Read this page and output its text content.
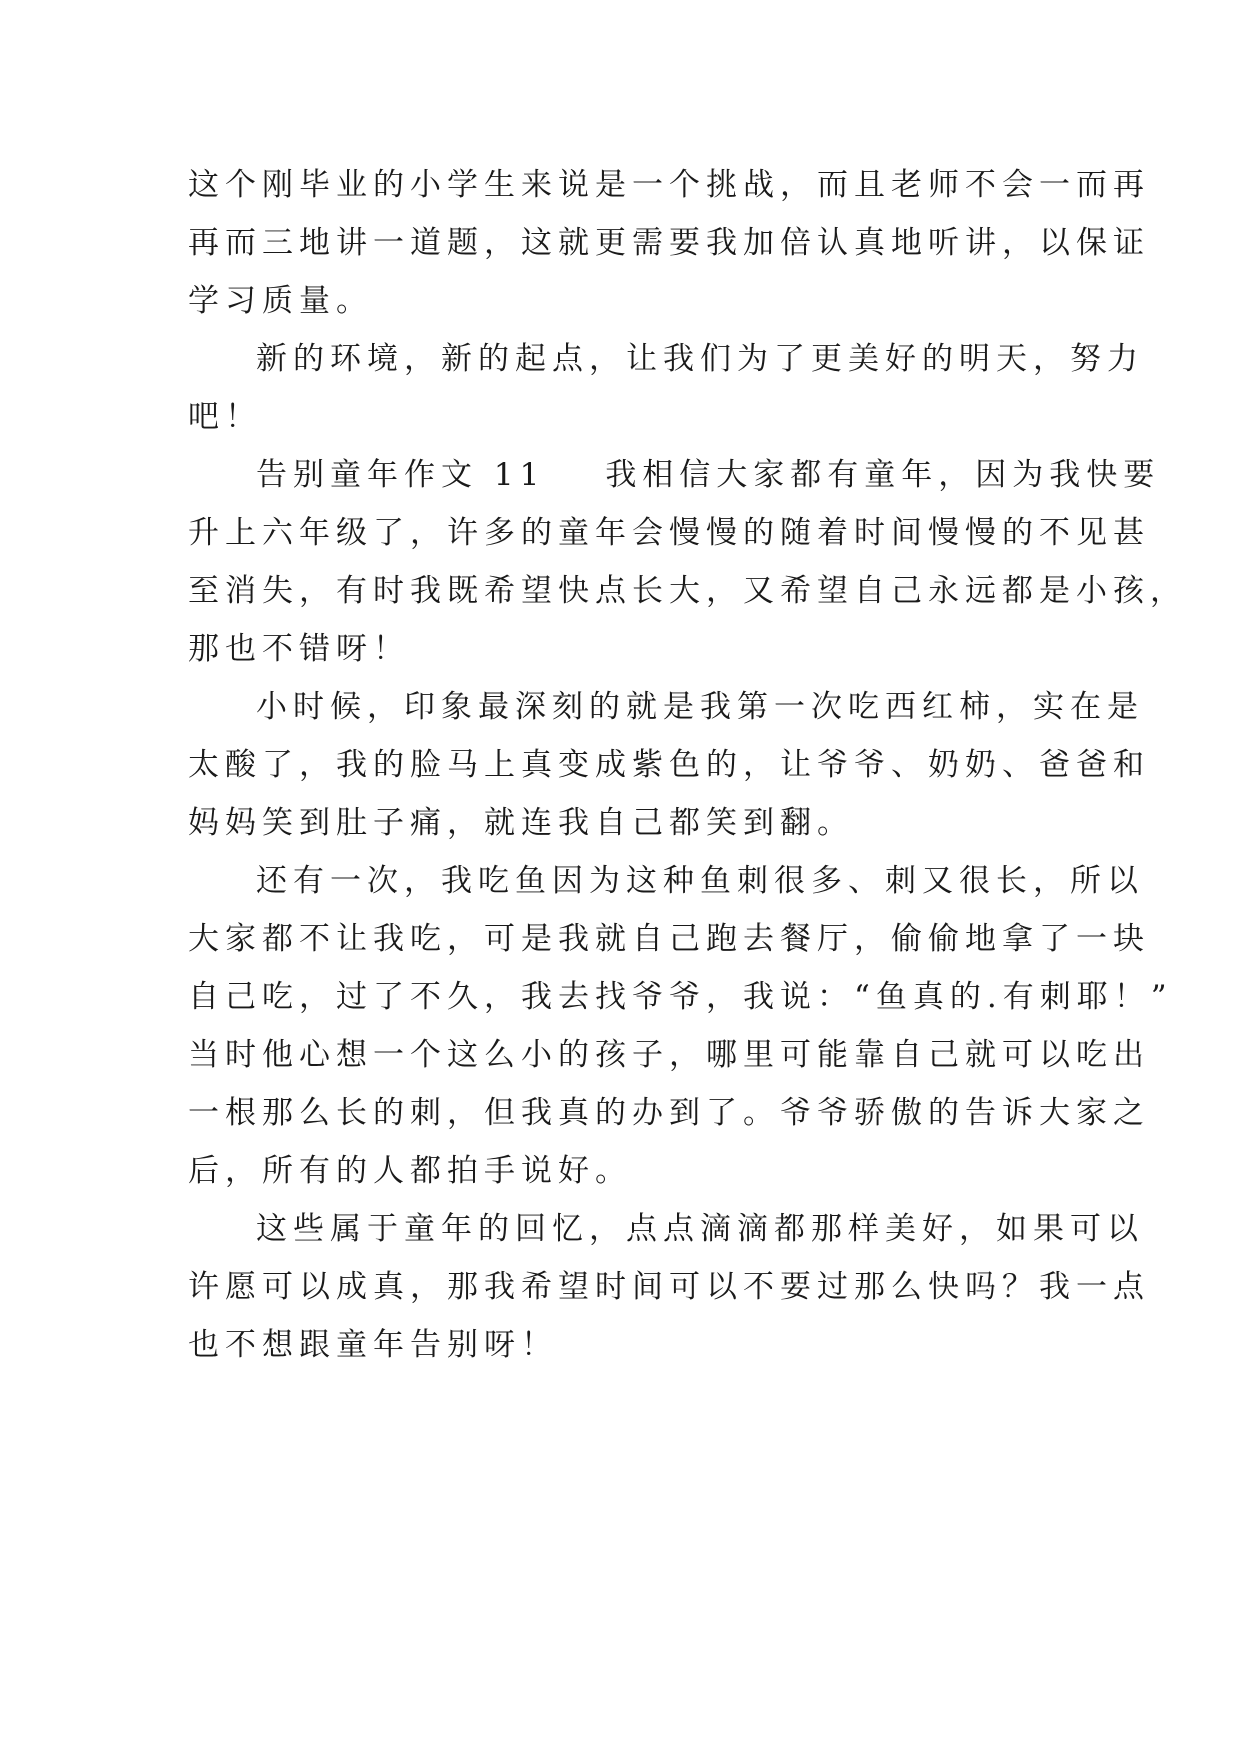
这个刚毕业的小学生来说是一个挑战，而且老师不会一而再
再而三地讲一道题，这就更需要我加倍认真地听讲，以保证
学习质量。
新的环境，新的起点，让我们为了更美好的明天，努力
吧！
告别童年作文 11 我相信大家都有童年，因为我快要
升上六年级了，许多的童年会慢慢的随着时间慢慢的不见甚
至消失，有时我既希望快点长大，又希望自己永远都是小孩，
那也不错呀！
小时候，印象最深刻的就是我第一次吃西红柿，实在是
太酸了，我的脸马上真变成紫色的，让爷爷、奶奶、爸爸和
妈妈笑到肚子痛，就连我自己都笑到翻。
还有一次，我吃鱼因为这种鱼刺很多、刺又很长，所以
大家都不让我吃，可是我就自己跑去餐厅，偷偷地拿了一块
自己吃，过了不久，我去找爷爷，我说：“鱼真的.有刺耶！”
当时他心想一个这么小的孩子，哪里可能靠自己就可以吃出
一根那么长的刺，但我真的办到了。爷爷骄傲的告诉大家之
后，所有的人都拍手说好。
这些属于童年的回忆，点点滴滴都那样美好，如果可以
许愿可以成真，那我希望时间可以不要过那么快吗？我一点
也不想跟童年告别呀！
